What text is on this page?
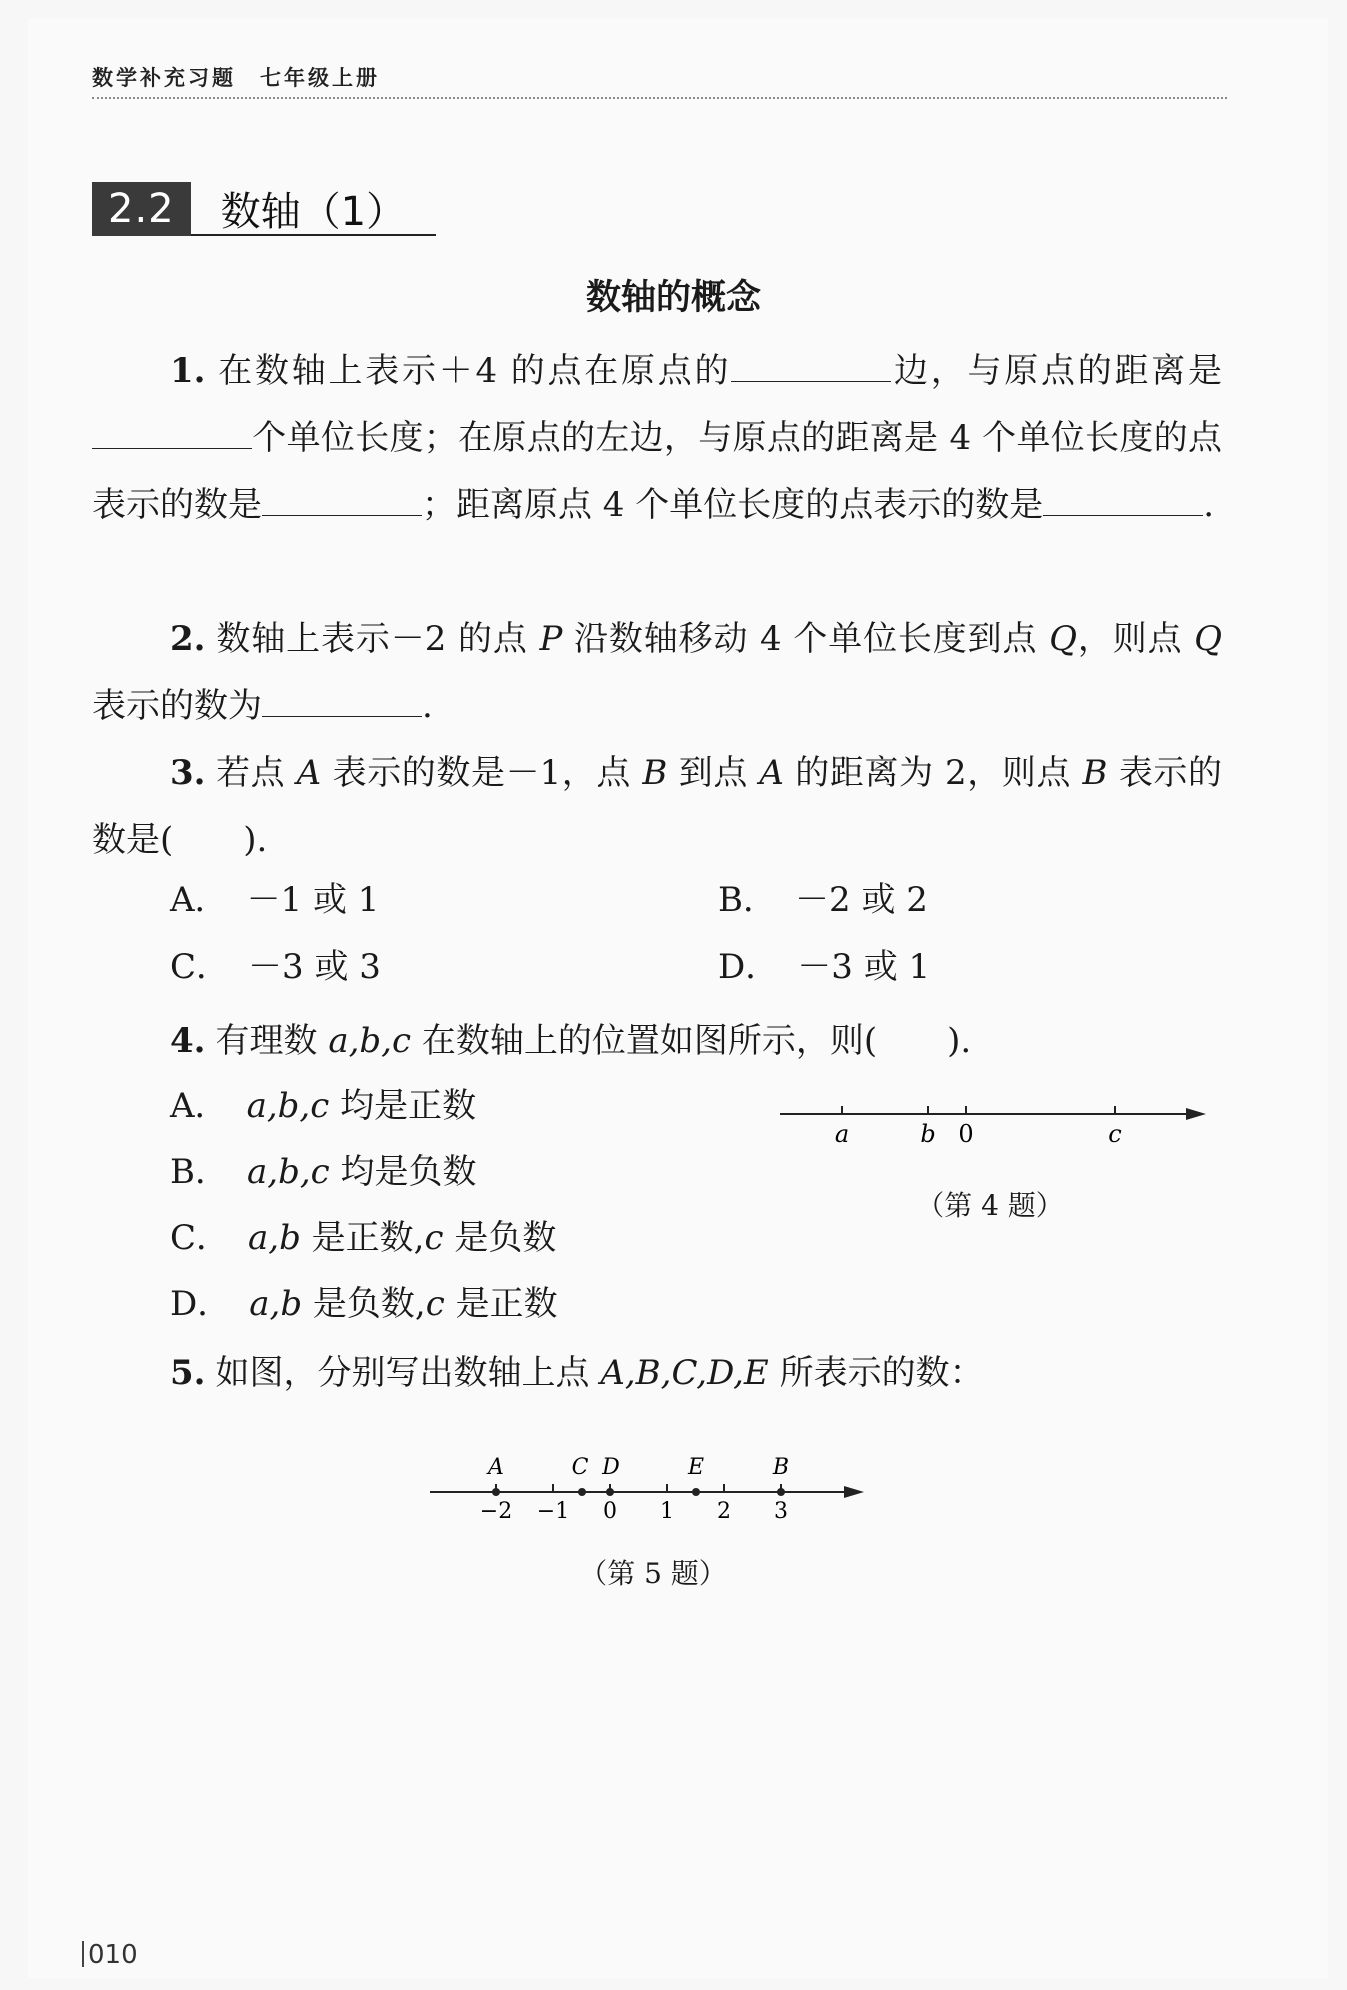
数学补充习题　七年级上册
2.2	数轴（1）
数轴的概念
1. 在数轴上表示＋4 的点在原点的	边，与原点的距离是个单位长度；在原点的左边，与原点的距离是 4 个单位长度的点表示的数是	；距离原点 4 个单位长度的点表示的数是	.
2. 数轴上表示－2 的点 P 沿数轴移动 4 个单位长度到点 Q，则点 Q 表示的数为	.
3. 若点 A 表示的数是－1，点 B 到点 A 的距离为 2，则点 B 表示的数是( ).
A． －1 或 1	B． －2 或 2
C． －3 或 3	D． －3 或 1
4. 有理数 a,b,c 在数轴上的位置如图所示，则( ).
A． a,b,c 均是正数
B． a,b,c 均是负数
C． a,b 是正数,c 是负数
D． a,b 是负数,c 是正数
a	b 0	c
（第 4 题）
5. 如图，分别写出数轴上点 A,B,C,D,E 所表示的数：
A	C D	E	B
−2 −1 0 1 2 3
（第 5 题）
010
